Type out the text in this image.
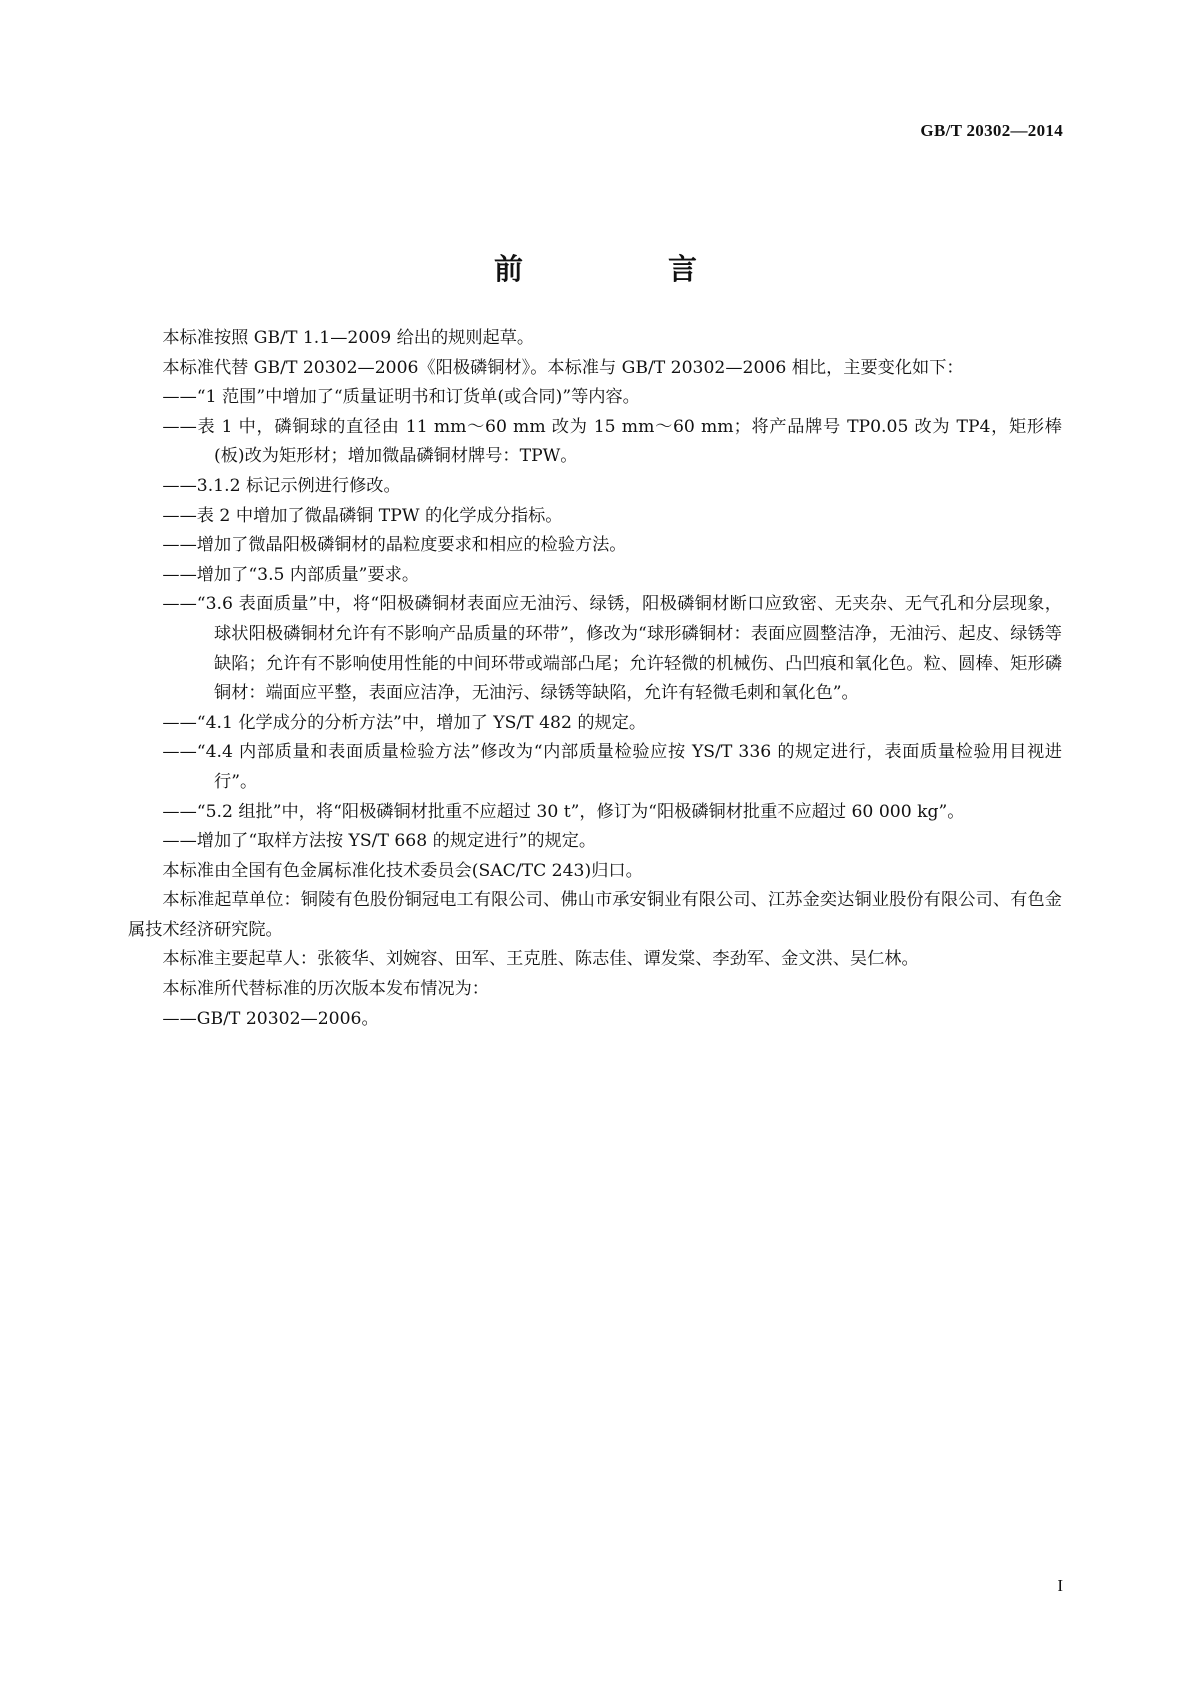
GB/T 20302—2014
前　言

本标准按照 GB/T 1.1—2009 给出的规则起草。

本标准代替 GB/T 20302—2006《阳极磷铜材》。本标准与 GB/T 20302—2006 相比，主要变化如下：

——“1 范围”中增加了“质量证明书和订货单(或合同)”等内容。

——表 1 中，磷铜球的直径由 11 mm～60 mm 改为 15 mm～60 mm；将产品牌号 TP0.05 改为 TP4，矩形棒(板)改为矩形材；增加微晶磷铜材牌号：TPW。

——3.1.2 标记示例进行修改。

——表 2 中增加了微晶磷铜 TPW 的化学成分指标。

——增加了微晶阳极磷铜材的晶粒度要求和相应的检验方法。

——增加了“3.5 内部质量”要求。

——“3.6 表面质量”中，将“阳极磷铜材表面应无油污、绿锈，阳极磷铜材断口应致密、无夹杂、无气孔和分层现象，球状阳极磷铜材允许有不影响产品质量的环带”，修改为“球形磷铜材：表面应圆整洁净，无油污、起皮、绿锈等缺陷；允许有不影响使用性能的中间环带或端部凸尾；允许轻微的机械伤、凸凹痕和氧化色。粒、圆棒、矩形磷铜材：端面应平整，表面应洁净，无油污、绿锈等缺陷，允许有轻微毛刺和氧化色”。

——“4.1 化学成分的分析方法”中，增加了 YS/T 482 的规定。

——“4.4 内部质量和表面质量检验方法”修改为“内部质量检验应按 YS/T 336 的规定进行，表面质量检验用目视进行”。

——“5.2 组批”中，将“阳极磷铜材批重不应超过 30 t”，修订为“阳极磷铜材批重不应超过 60 000 kg”。

——增加了“取样方法按 YS/T 668 的规定进行”的规定。

本标准由全国有色金属标准化技术委员会(SAC/TC 243)归口。

本标准起草单位：铜陵有色股份铜冠电工有限公司、佛山市承安铜业有限公司、江苏金奕达铜业股份有限公司、有色金属技术经济研究院。

本标准主要起草人：张筱华、刘婉容、田军、王克胜、陈志佳、谭发棠、李劲军、金文洪、吴仁林。

本标准所代替标准的历次版本发布情况为：

——GB/T 20302—2006。

I
